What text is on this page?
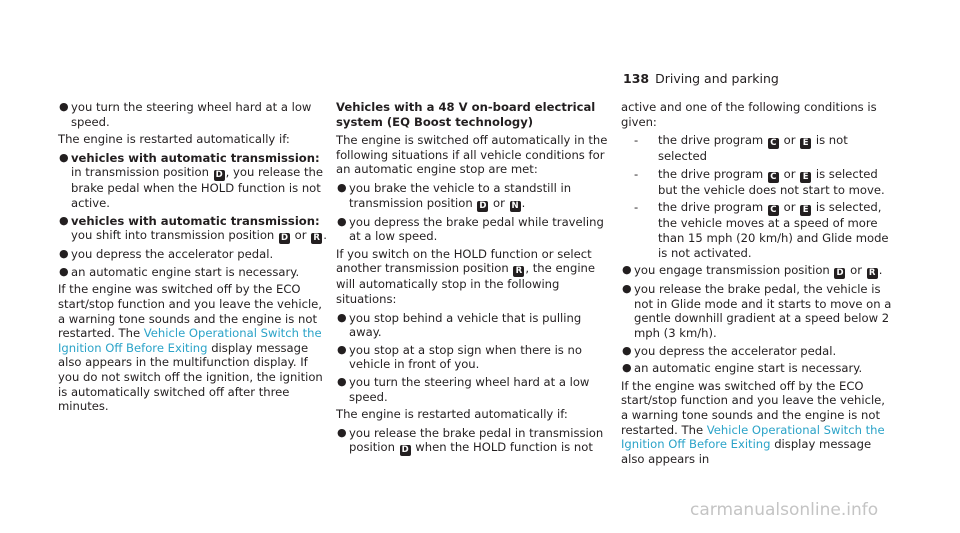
138 Driving and parking
● you turn the steering wheel hard at a low speed.

The engine is restarted automatically if:

● vehicles with automatic transmission: in transmission position D , you release the brake pedal when the HOLD function is not active.
● vehicles with automatic transmission: you shift into transmission position D or R .
● you depress the accelerator pedal.
● an automatic engine start is necessary.

If the engine was switched off by the ECO start/stop function and you leave the vehicle, a warning tone sounds and the engine is not restarted. The Vehicle Operational Switch the Ignition Off Before Exiting display message also appears in the multifunction display. If you do not switch off the ignition, the ignition is automatically switched off after three minutes.

Vehicles with a 48 V on-board electrical system (EQ Boost technology)

The engine is switched off automatically in the following situations if all vehicle conditions for an automatic engine stop are met:

● you brake the vehicle to a standstill in transmission position D or N .
● you depress the brake pedal while traveling at a low speed.

If you switch on the HOLD function or select another transmission position R , the engine will automatically stop in the following situations:

● you stop behind a vehicle that is pulling away.
● you stop at a stop sign when there is no vehicle in front of you.
● you turn the steering wheel hard at a low speed.

The engine is restarted automatically if:

● you release the brake pedal in transmission position D when the HOLD function is not

active and one of the following conditions is given:

- the drive program C or E is not selected
- the drive program C or E is selected but the vehicle does not start to move.
- the drive program C or E is selected, the vehicle moves at a speed of more than 15 mph (20 km/h) and Glide mode is not activated.
● you engage transmission position D or R .
● you release the brake pedal, the vehicle is not in Glide mode and it starts to move on a gentle downhill gradient at a speed below 2 mph (3 km/h).
● you depress the accelerator pedal.
● an automatic engine start is necessary.

If the engine was switched off by the ECO start/stop function and you leave the vehicle, a warning tone sounds and the engine is not restarted. The Vehicle Operational Switch the Ignition Off Before Exiting display message also appears in

carmanualsonline.info
